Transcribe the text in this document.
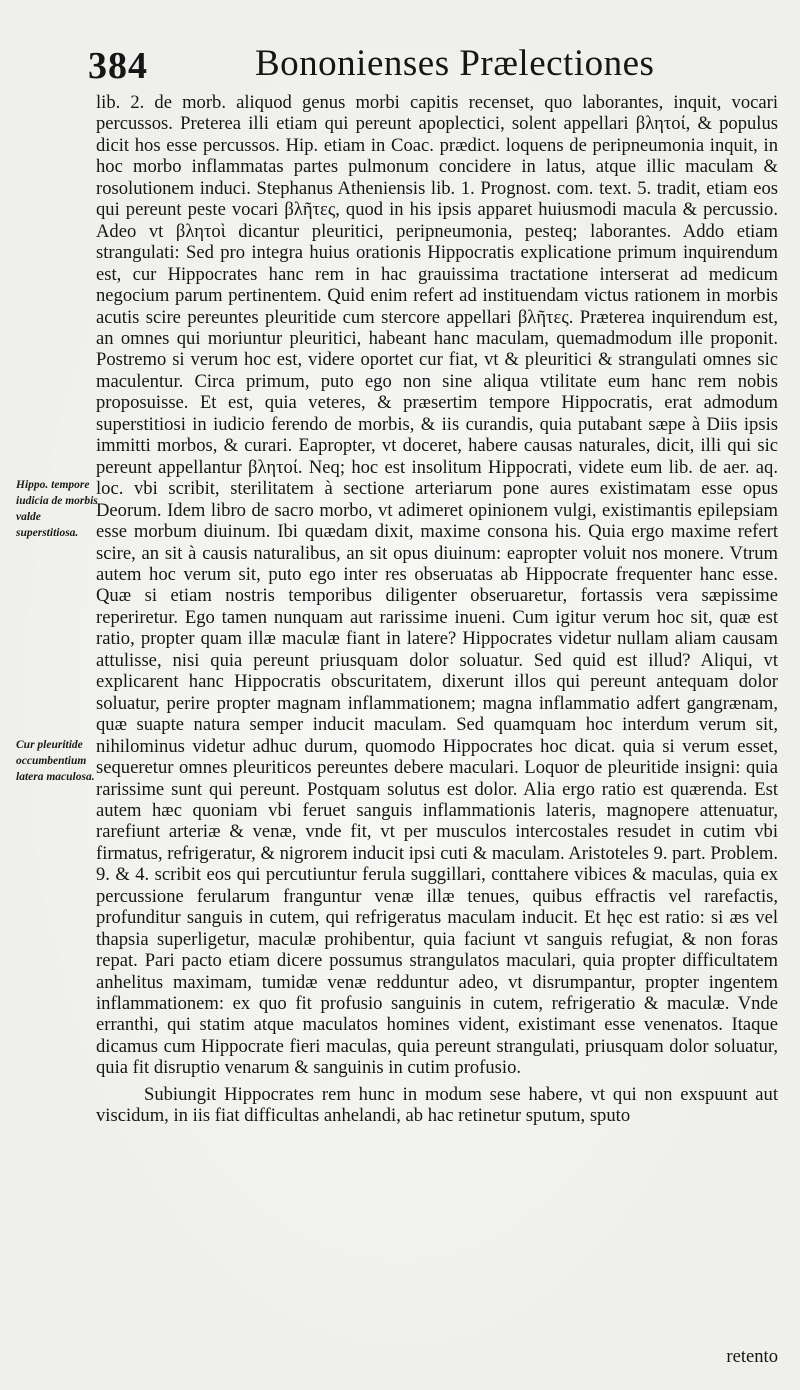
384	Bononienses Prælectiones
Hippo. tempore iudicia de morbis valde superstitiosa.
Cur pleuritide occumbentium latera maculosa.

lib. 2. de morb. aliquod genus morbi capitis recenset, quo laborantes, inquit, vocari percussos. Preterea illi etiam qui pereunt apoplectici, solent appellari βλητοί, & populus dicit hos esse percussos. Hip. etiam in Coac. prædict. loquens de peripneumonia inquit, in hoc morbo inflammatas partes pulmonum concidere in latus, atque illic maculam & rosolutionem induci. Stephanus Atheniensis lib. 1. Prognost. com. text. 5. tradit, etiam eos qui pereunt peste vocari βλῆτες, quod in his ipsis apparet huiusmodi macula & percussio. Adeo vt βλητοὶ dicantur pleuritici, peripneumonia, pesteq; laborantes. Addo etiam strangulati: Sed pro integra huius orationis Hippocratis explicatione primum inquirendum est, cur Hippocrates hanc rem in hac grauissima tractatione interserat ad medicum negocium parum pertinentem. Quid enim refert ad instituendam victus rationem in morbis acutis scire pereuntes pleuritide cum stercore appellari βλῆτες. Præterea inquirendum est, an omnes qui moriuntur pleuritici, habeant hanc maculam, quemadmodum ille proponit. Postremo si verum hoc est, videre oportet cur fiat, vt & pleuritici & strangulati omnes sic maculentur. Circa primum, puto ego non sine aliqua vtilitate eum hanc rem nobis proposuisse. Et est, quia veteres, & præsertim tempore Hippocratis, erat admodum superstitiosi in iudicio ferendo de morbis, & iis curandis, quia putabant sæpe à Diis ipsis immitti morbos, & curari. Eapropter, vt doceret, habere causas naturales, dicit, illi qui sic pereunt appellantur βλητοί. Neq; hoc est insolitum Hippocrati, videte eum lib. de aer. aq. loc. vbi scribit, sterilitatem à sectione arteriarum pone aures existimatam esse opus Deorum. Idem libro de sacro morbo, vt adimeret opinionem vulgi, existimantis epilepsiam esse morbum diuinum. Ibi quædam dixit, maxime consona his. Quia ergo maxime refert scire, an sit à causis naturalibus, an sit opus diuinum: eapropter voluit nos monere. Vtrum autem hoc verum sit, puto ego inter res obseruatas ab Hippocrate frequenter hanc esse. Quæ si etiam nostris temporibus diligenter obseruaretur, fortassis vera sæpissime reperiretur. Ego tamen nunquam aut rarissime inueni. Cum igitur verum hoc sit, quæ est ratio, propter quam illæ maculæ fiant in latere? Hippocrates videtur nullam aliam causam attulisse, nisi quia pereunt priusquam dolor soluatur. Sed quid est illud? Aliqui, vt explicarent hanc Hippocratis obscuritatem, dixerunt illos qui pereunt antequam dolor soluatur, perire propter magnam inflammationem; magna inflammatio adfert gangrænam, quæ suapte natura semper inducit maculam. Sed quamquam hoc interdum verum sit, nihilominus videtur adhuc durum, quomodo Hippocrates hoc dicat. quia si verum esset, sequeretur omnes pleuriticos pereuntes debere maculari. Loquor de pleuritide insigni: quia rarissime sunt qui pereunt. Postquam solutus est dolor. Alia ergo ratio est quærenda. Est autem hæc quoniam vbi feruet sanguis inflammationis lateris, magnopere attenuatur, rarefiunt arteriæ & venæ, vnde fit, vt per musculos intercostales resudet in cutim vbi firmatus, refrigeratur, & nigrorem inducit ipsi cuti & maculam. Aristoteles 9. part. Problem. 9. & 4. scribit eos qui percutiuntur ferula suggillari, conttahere vibices & maculas, quia ex percussione ferularum franguntur venæ illæ tenues, quibus effractis vel rarefactis, profunditur sanguis in cutem, qui refrigeratus maculam inducit. Et hęc est ratio: si æs vel thapsia superligetur, maculæ prohibentur, quia faciunt vt sanguis refugiat, & non foras repat. Pari pacto etiam dicere possumus strangulatos maculari, quia propter difficultatem anhelitus maximam, tumidæ venæ redduntur adeo, vt disrumpantur, propter ingentem inflammationem: ex quo fit profusio sanguinis in cutem, refrigeratio & maculæ. Vnde erranthi, qui statim atque maculatos homines vident, existimant esse venenatos. Itaque dicamus cum Hippocrate fieri maculas, quia pereunt strangulati, priusquam dolor soluatur, quia fit disruptio venarum & sanguinis in cutim profusio.

Subiungit Hippocrates rem hunc in modum sese habere, vt qui non exspuunt aut viscidum, in iis fiat difficultas anhelandi, ab hac retinetur sputum, sputo

retento
